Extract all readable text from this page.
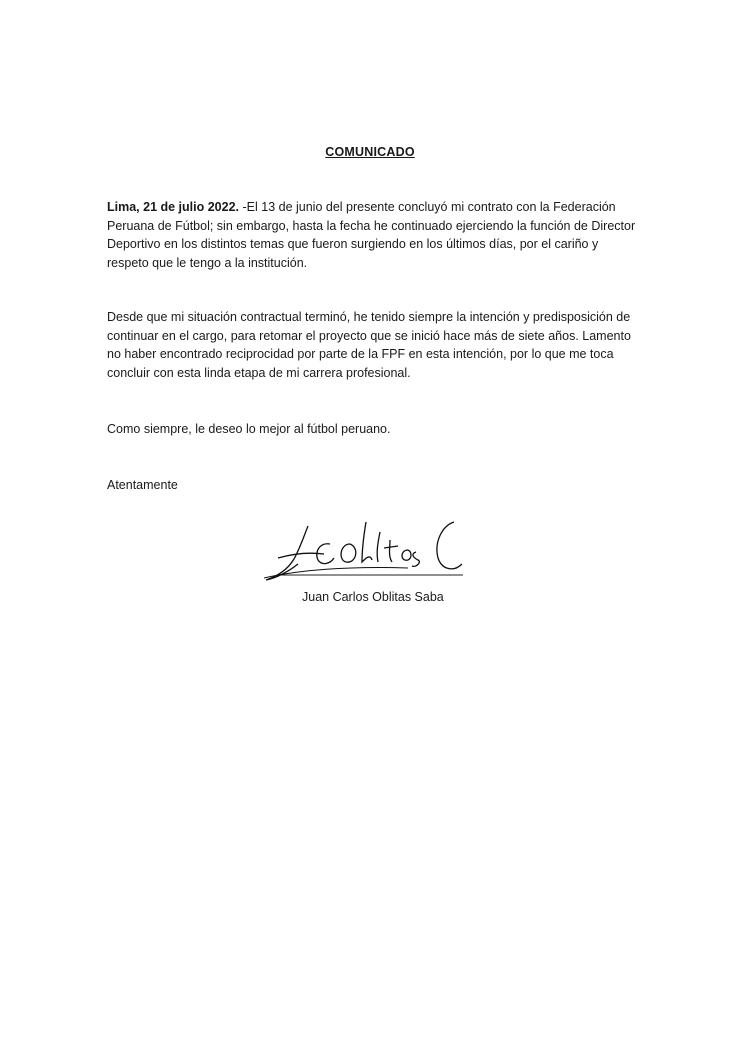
COMUNICADO

Lima, 21 de julio 2022. -El 13 de junio del presente concluyó mi contrato con la Federación Peruana de Fútbol; sin embargo, hasta la fecha he continuado ejerciendo la función de Director Deportivo en los distintos temas que fueron surgiendo en los últimos días, por el cariño y respeto que le tengo a la institución.

Desde que mi situación contractual terminó, he tenido siempre la intención y predisposición de continuar en el cargo, para retomar el proyecto que se inició hace más de siete años. Lamento no haber encontrado reciprocidad por parte de la FPF en esta intención, por lo que me toca concluir con esta linda etapa de mi carrera profesional.

Como siempre, le deseo lo mejor al fútbol peruano.

Atentamente

Juan Carlos Oblitas Saba
